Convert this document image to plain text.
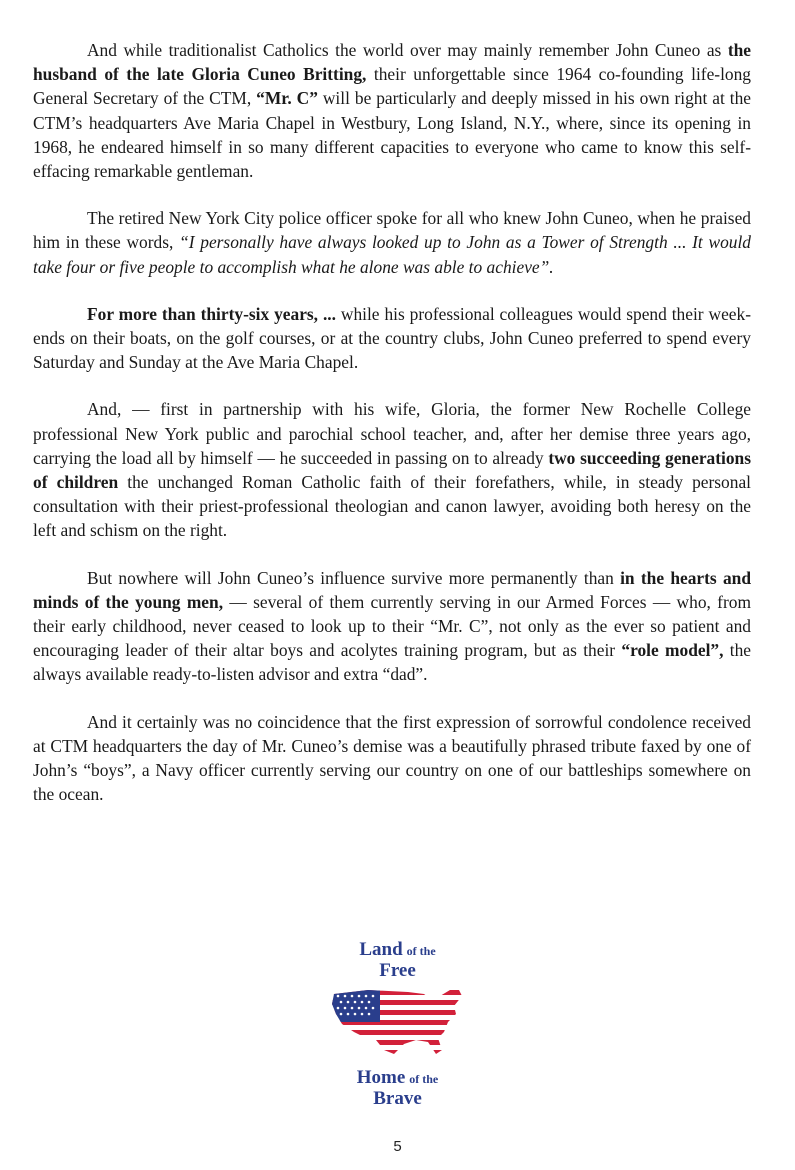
And while traditionalist Catholics the world over may mainly remember John Cuneo as the husband of the late Gloria Cuneo Britting, their unforgettable since 1964 co-founding life-long General Secretary of the CTM, “Mr. C” will be particularly and deeply missed in his own right at the CTM’s headquarters Ave Maria Chapel in Westbury, Long Island, N.Y., where, since its opening in 1968, he endeared himself in so many different capacities to everyone who came to know this self-effacing remarkable gentleman.

The retired New York City police officer spoke for all who knew John Cuneo, when he praised him in these words, “I personally have always looked up to John as a Tower of Strength ... It would take four or five people to accomplish what he alone was able to achieve”.

For more than thirty-six years, ... while his professional colleagues would spend their week-ends on their boats, on the golf courses, or at the country clubs, John Cuneo preferred to spend every Saturday and Sunday at the Ave Maria Chapel.

And, — first in partnership with his wife, Gloria, the former New Rochelle College professional New York public and parochial school teacher, and, after her demise three years ago, carrying the load all by himself — he succeeded in passing on to already two succeeding generations of children the unchanged Roman Catholic faith of their forefathers, while, in steady personal consultation with their priest-professional theologian and canon lawyer, avoiding both heresy on the left and schism on the right.

But nowhere will John Cuneo’s influence survive more permanently than in the hearts and minds of the young men, — several of them currently serving in our Armed Forces — who, from their early childhood, never ceased to look up to their “Mr. C”, not only as the ever so patient and encouraging leader of their altar boys and acolytes training program, but as their “role model”, the always available ready-to-listen advisor and extra “dad”.

And it certainly was no coincidence that the first expression of sorrowful condolence received at CTM headquarters the day of Mr. Cuneo’s demise was a beautifully phrased tribute faxed by one of John’s “boys”, a Navy officer currently serving our country on one of our battleships somewhere on the ocean.

Land of the
Free
Home of the
Brave
5
